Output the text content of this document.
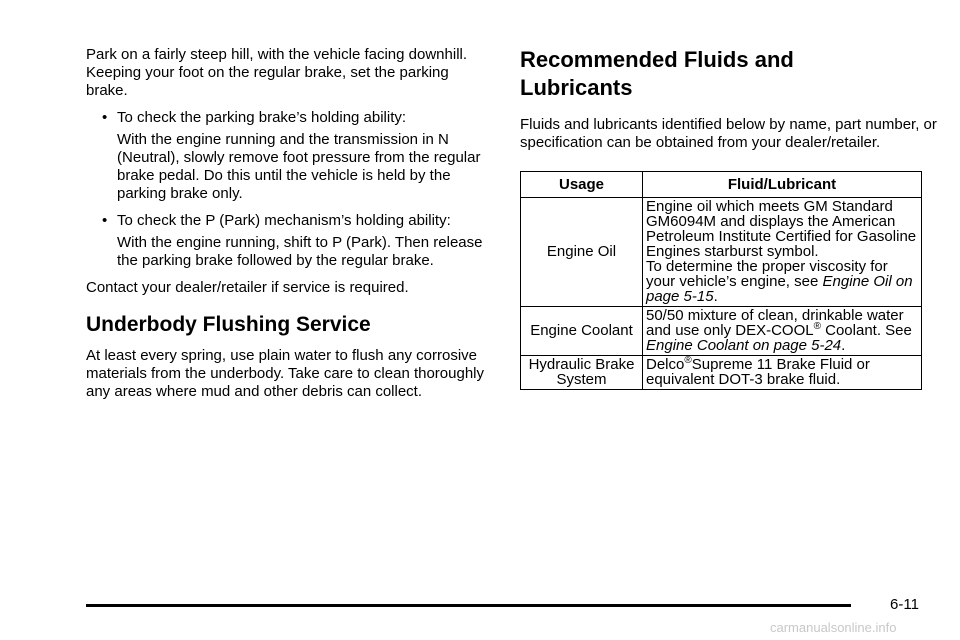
Park on a fairly steep hill, with the vehicle facing downhill. Keeping your foot on the regular brake, set the parking brake.

• To check the parking brake’s holding ability:

With the engine running and the transmission in N (Neutral), slowly remove foot pressure from the regular brake pedal. Do this until the vehicle is held by the parking brake only.

• To check the P (Park) mechanism’s holding ability:

With the engine running, shift to P (Park). Then release the parking brake followed by the regular brake.

Contact your dealer/retailer if service is required.

Underbody Flushing Service

At least every spring, use plain water to flush any corrosive materials from the underbody. Take care to clean thoroughly any areas where mud and other debris can collect.

Recommended Fluids and
Lubricants

Fluids and lubricants identified below by name, part number, or specification can be obtained from your dealer/retailer.

Usage	Fluid/Lubricant
Engine Oil	Engine oil which meets GM Standard GM6094M and displays the American Petroleum Institute Certified for Gasoline Engines starburst symbol.
To determine the proper viscosity for your vehicle’s engine, see Engine Oil on page 5-15.
Engine Coolant	50/50 mixture of clean, drinkable water and use only DEX-COOL® Coolant. See Engine Coolant on page 5-24.
Hydraulic Brake System	Delco®Supreme 11 Brake Fluid or equivalent DOT-3 brake fluid.
6-11
carmanualsonline.info
